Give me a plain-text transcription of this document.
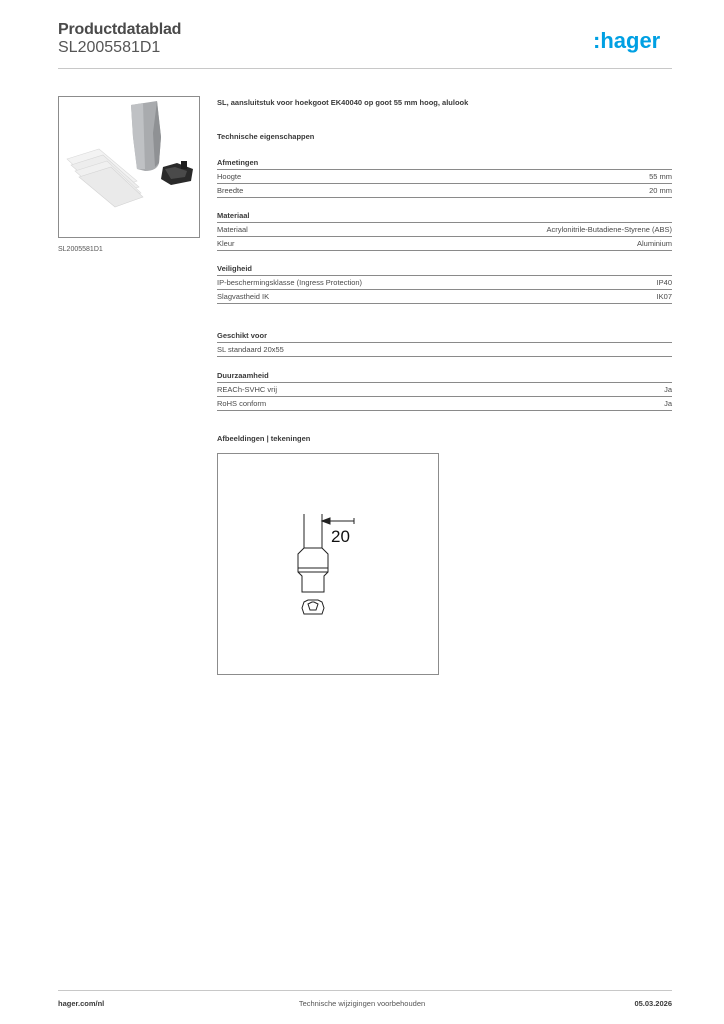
Productdatablad
SL2005581D1	:hager
SL2005581D1
SL, aansluitstuk voor hoekgoot EK40040 op goot 55 mm hoog, alulook
Technische eigenschappen
Afmetingen
Hoogte	55 mm
Breedte	20 mm
Materiaal
Materiaal	Acrylonitrile-Butadiene-Styrene (ABS)
Kleur	Aluminium
Veiligheid
IP-beschermingsklasse (Ingress Protection)	IP40
Slagvastheid IK	IK07
Geschikt voor
SL standaard 20x55
Duurzaamheid
REACh-SVHC vrij	Ja
RoHS conform	Ja
Afbeeldingen | tekeningen
20
hager.com/nl	Technische wijzigingen voorbehouden	05.03.2026
